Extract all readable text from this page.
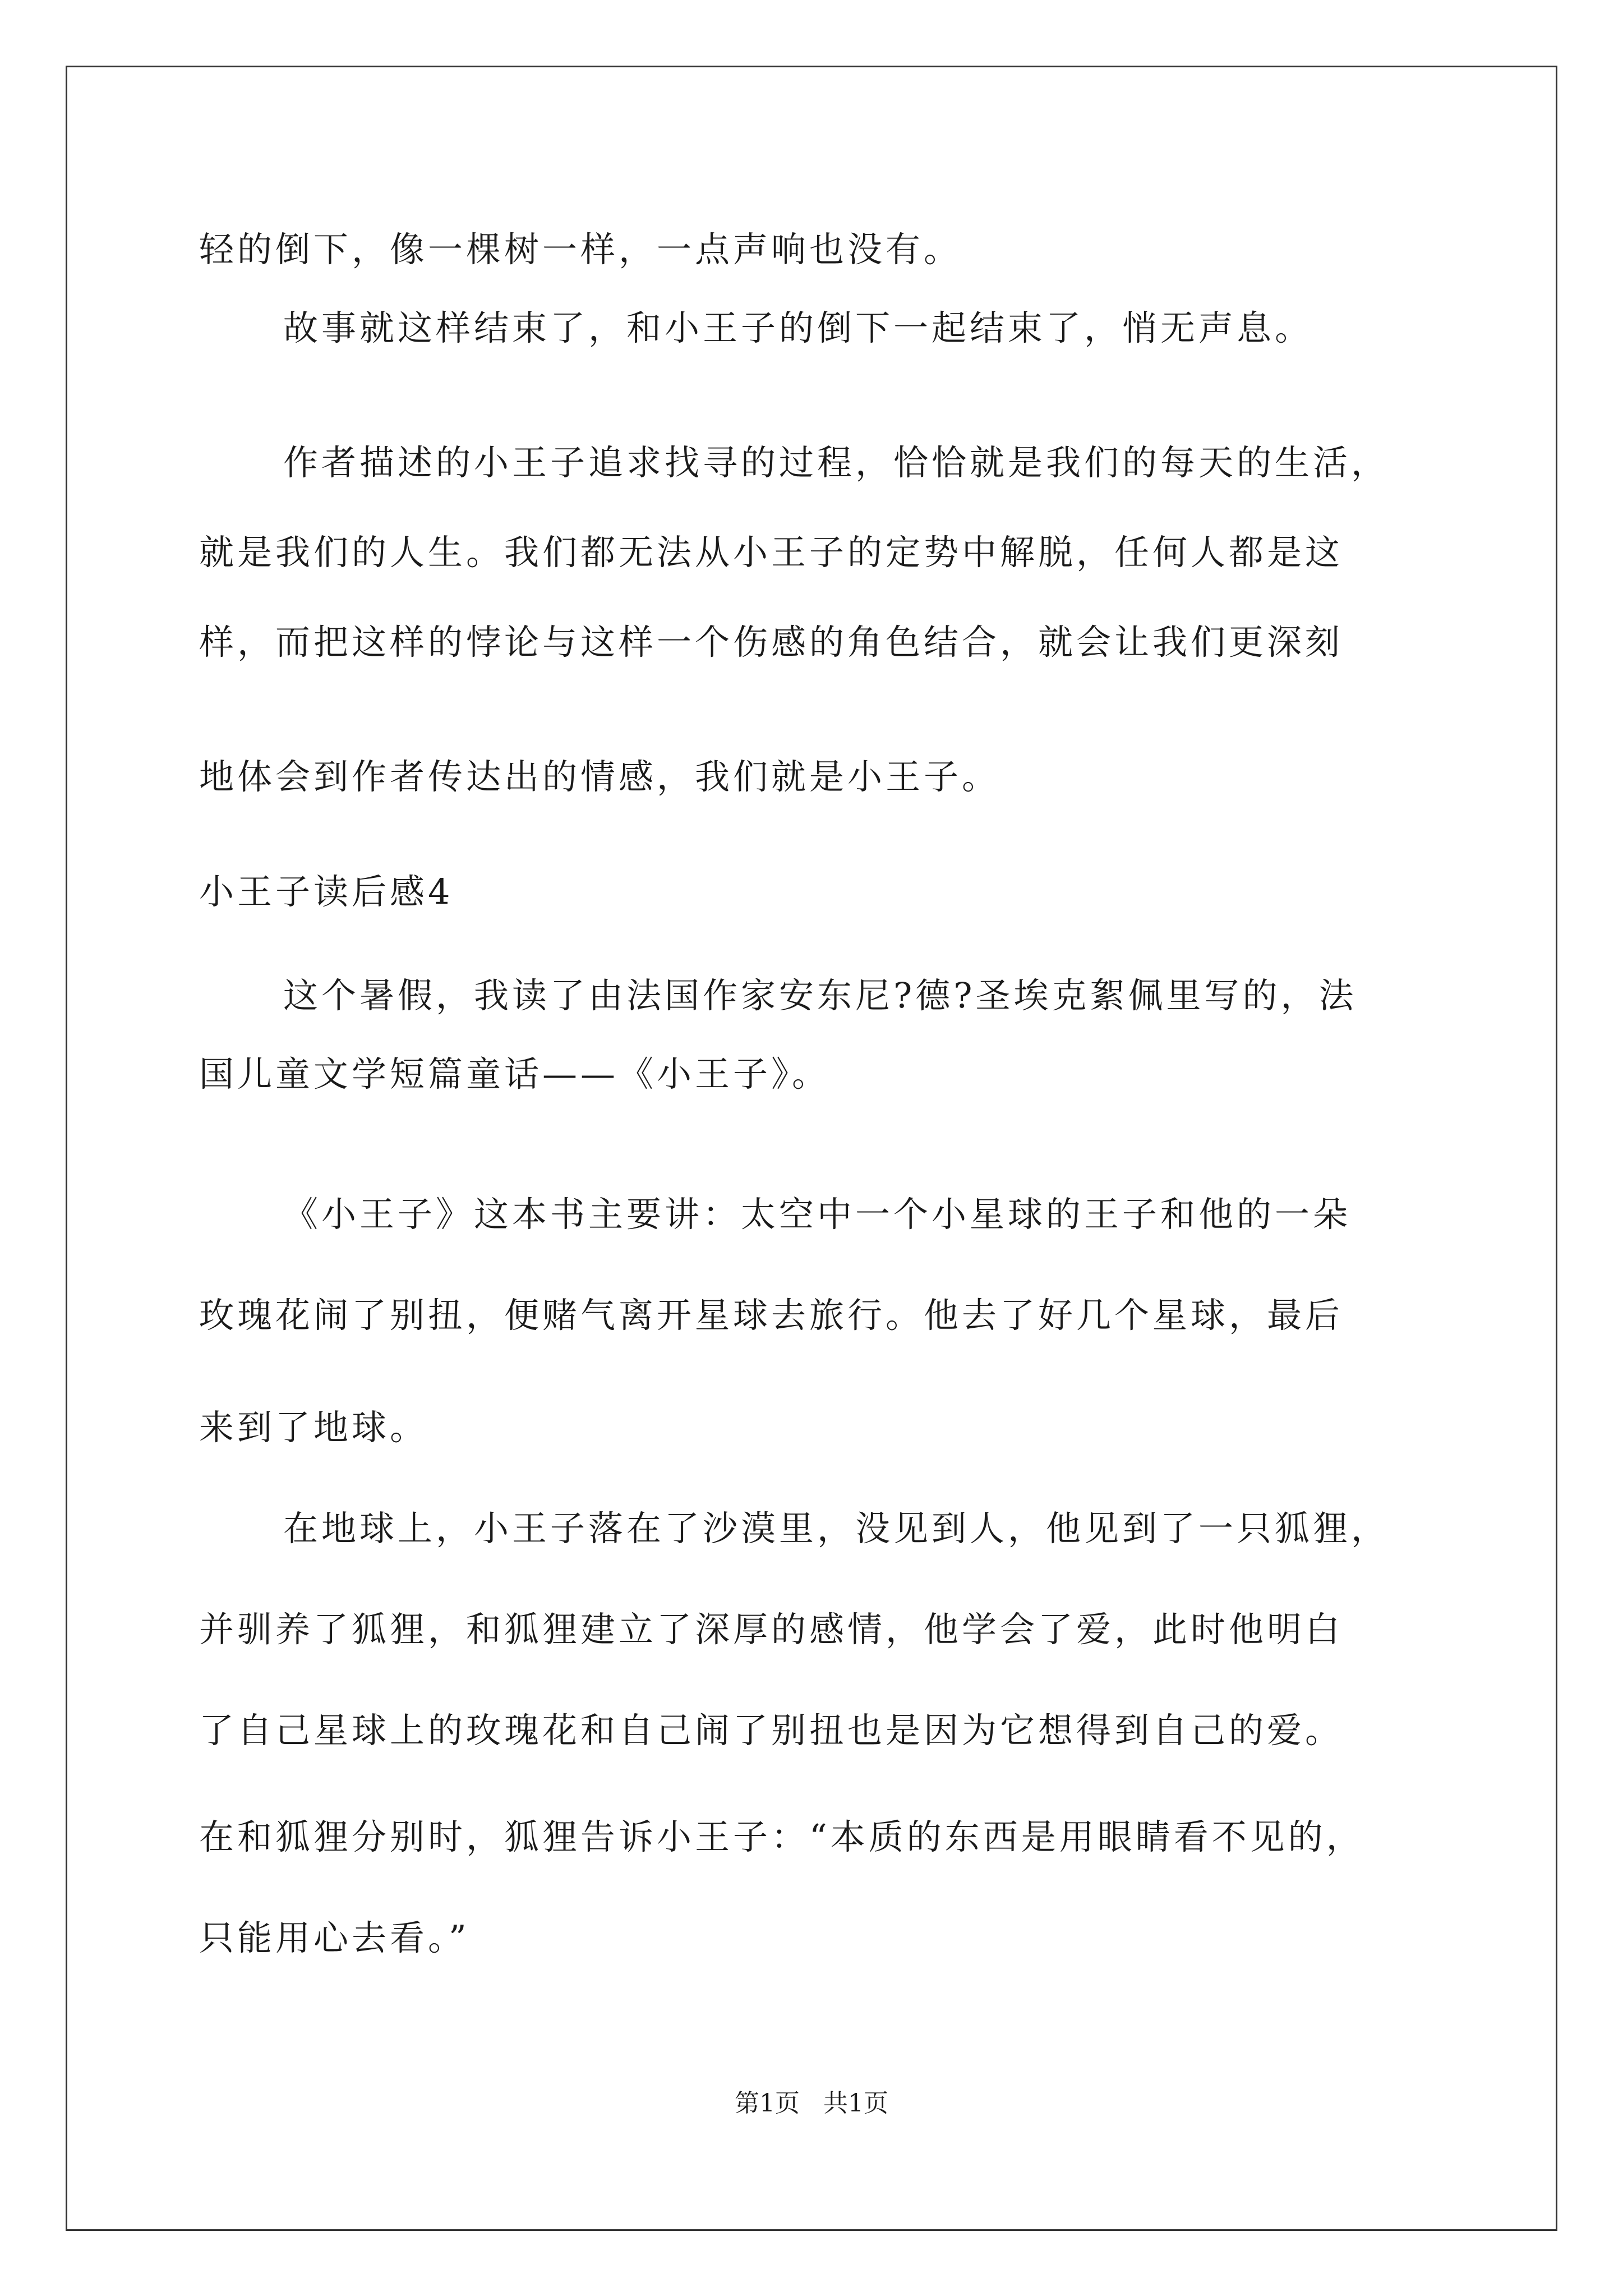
轻的倒下，像一棵树一样，一点声响也没有。
故事就这样结束了，和小王子的倒下一起结束了，悄无声息。
作者描述的小王子追求找寻的过程，恰恰就是我们的每天的生活，
就是我们的人生。我们都无法从小王子的定势中解脱，任何人都是这
样，而把这样的悖论与这样一个伤感的角色结合，就会让我们更深刻
地体会到作者传达出的情感，我们就是小王子。
小王子读后感4
这个暑假，我读了由法国作家安东尼?德?圣埃克絮佩里写的，法
国儿童文学短篇童话——《小王子》。
《小王子》这本书主要讲：太空中一个小星球的王子和他的一朵
玫瑰花闹了别扭，便赌气离开星球去旅行。他去了好几个星球，最后
来到了地球。
在地球上，小王子落在了沙漠里，没见到人，他见到了一只狐狸，
并驯养了狐狸，和狐狸建立了深厚的感情，他学会了爱，此时他明白
了自己星球上的玫瑰花和自己闹了别扭也是因为它想得到自己的爱。
在和狐狸分别时，狐狸告诉小王子：“本质的东西是用眼睛看不见的，
只能用心去看。”
第1页   共1页
